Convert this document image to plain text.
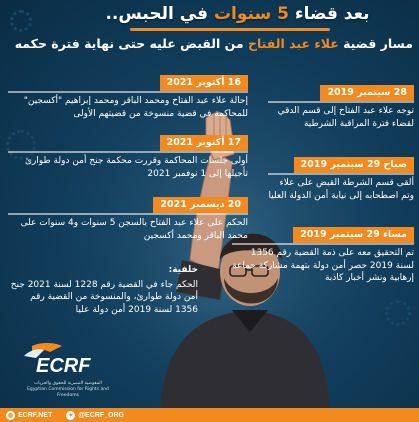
بعد قضاء 5 سنوات في الحبس..
مسار قضية علاء عبد الفتاح من القبض عليه حتى نهاية فترة حكمه
16 أكتوبر 2021
إحالة علاء عبد الفتاح ومحمد الباقر ومحمد إبراهيم "أكسجين" للمحاكمة في قضية منسوخة من قضيتهم الأولى
17 أكتوبر 2021
أولى جلسات المحاكمة وقررت محكمة جنح أمن دولة طوارئ تأجيلها إلى 1 نوفمبر 2021
20 ديسمبر 2021
الحكم على علاء عبد الفتاح بالسجن 5 سنوات و4 سنوات على محمد الباقر ومحمد أكسجين
خلفية:
الحكم جاء في القضية رقم 1228 لسنة 2021 جنح أمن دولة طوارئ، والمنسوخة من القضية رقم 1356 لسنة 2019 أمن دولة عليا
28 سبتمبر 2019
توجه علاء عبد الفتاح إلى قسم الدقي لقضاء فترة المراقبة الشرطية
صباح 29 سبتمبر 2019
ألقى قسم الشرطة القبض على علاء وتم اصطحابه إلى نيابة أمن الدولة العليا
مساء 29 سبتمبر 2019
تم التحقيق معه على ذمة القضية رقم 1356 لسنة 2019 حصر أمن دولة بتهمة مشاركة جماعة إرهابية ونشر أخبار كاذبة
ECRF
المفوضية المصرية للحقوق والحريات
Egyptian Commission for Rights and Freedoms
◍ ECRF.NET	✦ @ECRF_ORG
